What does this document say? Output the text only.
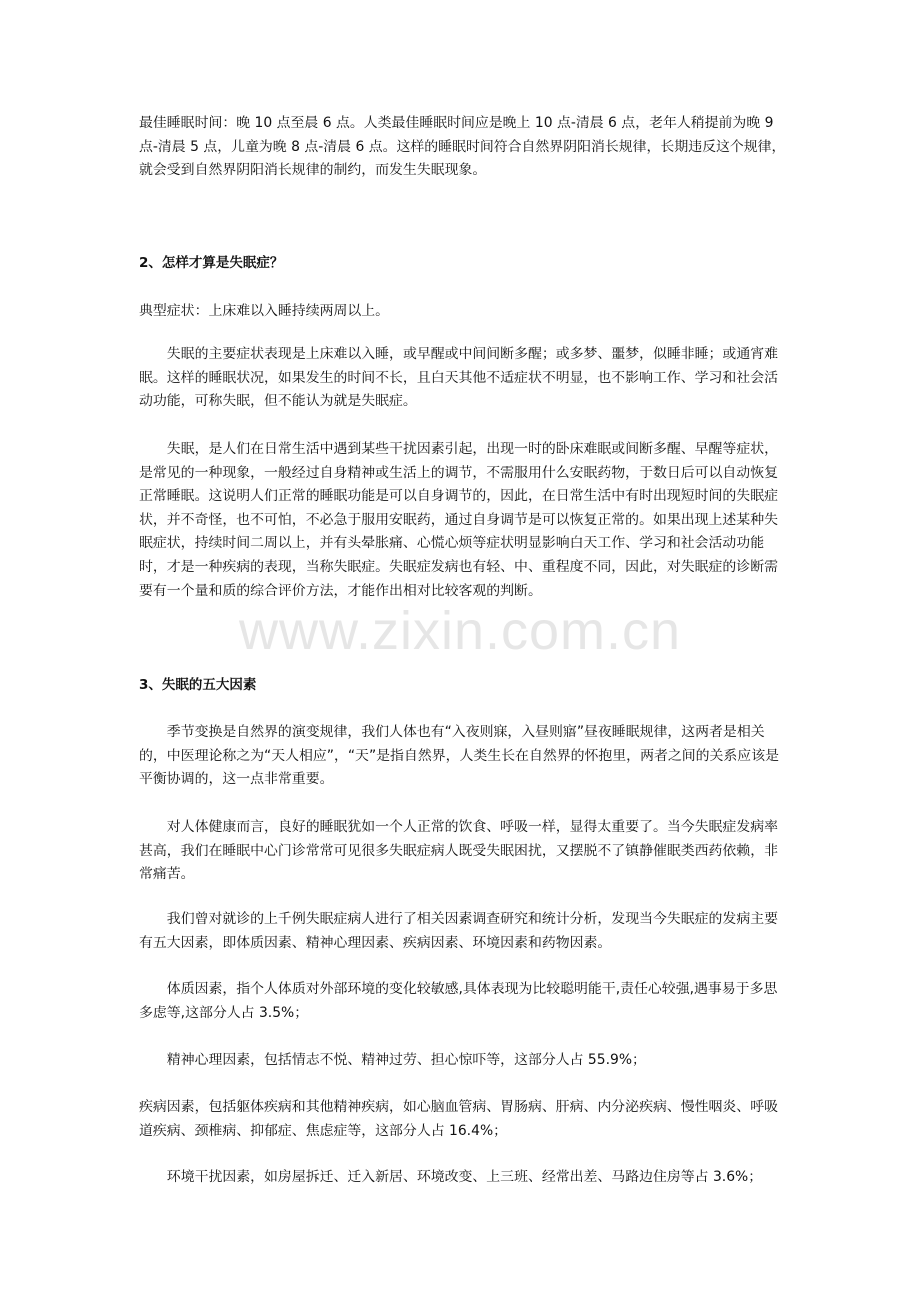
www.zixin.com.cn

最佳睡眠时间：晚 10 点至晨 6 点。人类最佳睡眠时间应是晚上 10 点-清晨 6 点，老年人稍提前为晚 9 点-清晨 5 点，儿童为晚 8 点-清晨 6 点。这样的睡眠时间符合自然界阴阳消长规律，长期违反这个规律，就会受到自然界阴阳消长规律的制约，而发生失眠现象。

2、怎样才算是失眠症？

典型症状：上床难以入睡持续两周以上。

失眠的主要症状表现是上床难以入睡，或早醒或中间间断多醒；或多梦、噩梦，似睡非睡；或通宵难眠。这样的睡眠状况，如果发生的时间不长，且白天其他不适症状不明显，也不影响工作、学习和社会活动功能，可称失眠，但不能认为就是失眠症。

失眠，是人们在日常生活中遇到某些干扰因素引起，出现一时的卧床难眠或间断多醒、早醒等症状，是常见的一种现象，一般经过自身精神或生活上的调节，不需服用什么安眠药物，于数日后可以自动恢复正常睡眠。这说明人们正常的睡眠功能是可以自身调节的，因此，在日常生活中有时出现短时间的失眠症状，并不奇怪，也不可怕，不必急于服用安眠药，通过自身调节是可以恢复正常的。如果出现上述某种失眠症状，持续时间二周以上，并有头晕胀痛、心慌心烦等症状明显影响白天工作、学习和社会活动功能时，才是一种疾病的表现，当称失眠症。失眠症发病也有轻、中、重程度不同，因此，对失眠症的诊断需要有一个量和质的综合评价方法，才能作出相对比较客观的判断。

3、失眠的五大因素

季节变换是自然界的演变规律，我们人体也有“入夜则寐，入昼则寤”昼夜睡眠规律，这两者是相关的，中医理论称之为“天人相应”，“天”是指自然界，人类生长在自然界的怀抱里，两者之间的关系应该是平衡协调的，这一点非常重要。

对人体健康而言，良好的睡眠犹如一个人正常的饮食、呼吸一样，显得太重要了。当今失眠症发病率甚高，我们在睡眠中心门诊常常可见很多失眠症病人既受失眠困扰，又摆脱不了镇静催眠类西药依赖，非常痛苦。

我们曾对就诊的上千例失眠症病人进行了相关因素调查研究和统计分析，发现当今失眠症的发病主要有五大因素，即体质因素、精神心理因素、疾病因素、环境因素和药物因素。

体质因素，指个人体质对外部环境的变化较敏感,具体表现为比较聪明能干,责任心较强,遇事易于多思多虑等,这部分人占 3.5%；

精神心理因素，包括情志不悦、精神过劳、担心惊吓等，这部分人占 55.9%；

疾病因素，包括躯体疾病和其他精神疾病，如心脑血管病、胃肠病、肝病、内分泌疾病、慢性咽炎、呼吸道疾病、颈椎病、抑郁症、焦虑症等，这部分人占 16.4%；

环境干扰因素，如房屋拆迁、迁入新居、环境改变、上三班、经常出差、马路边住房等占 3.6%；
